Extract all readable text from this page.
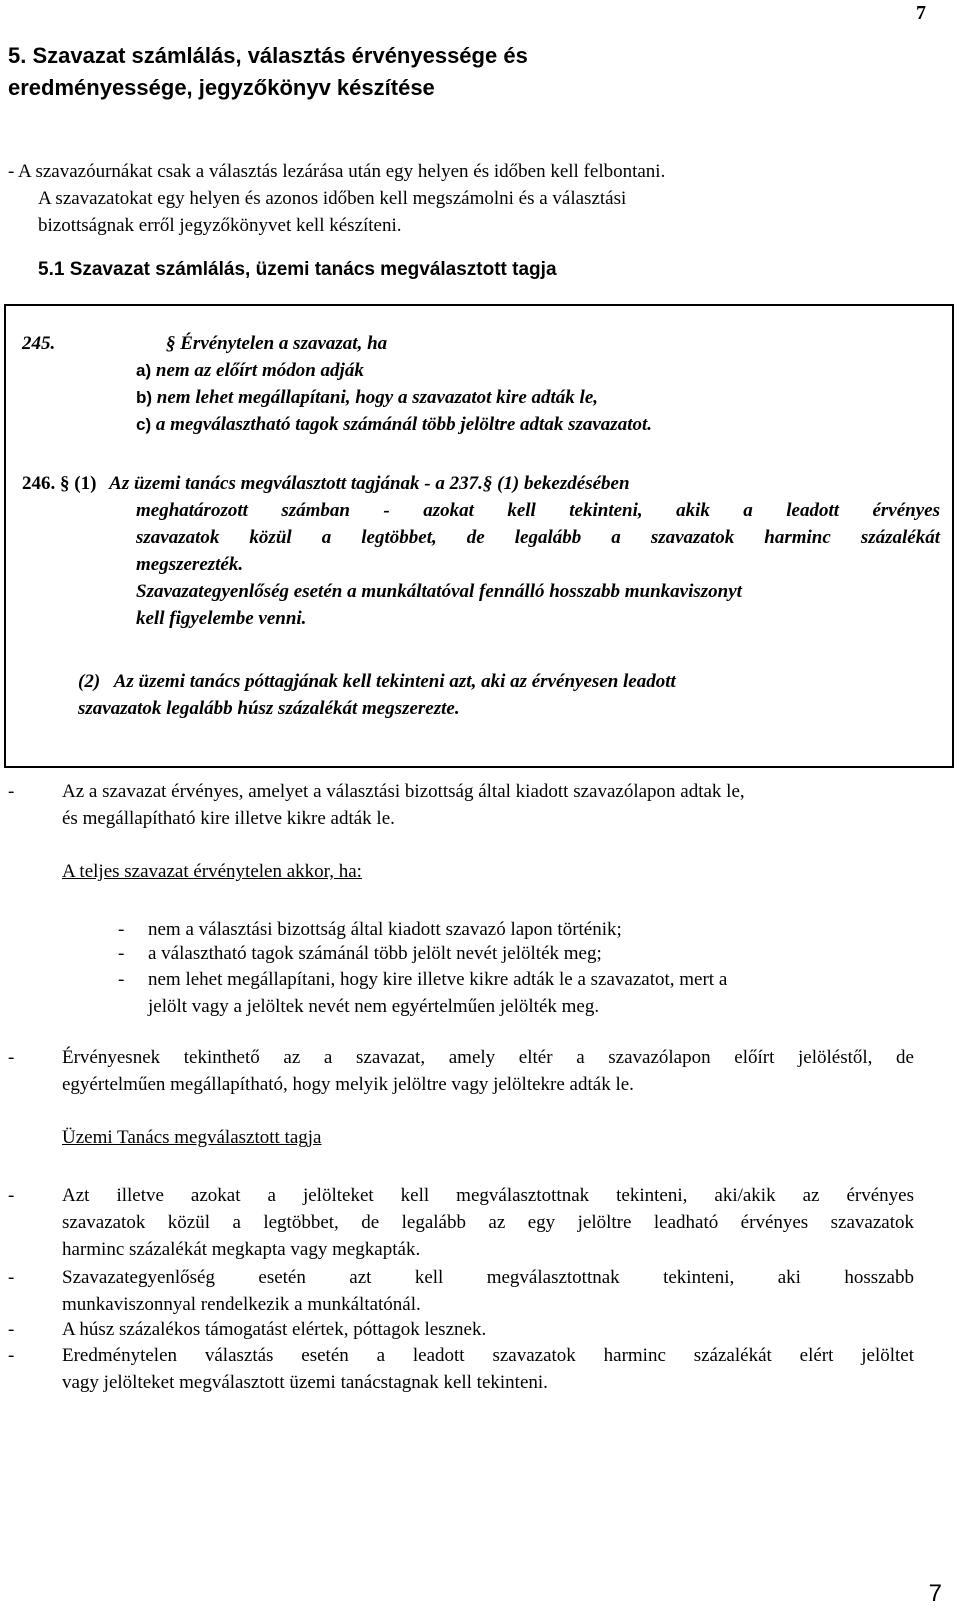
7
5. Szavazat számlálás, választás érvényessége és
eredményessége, jegyzőkönyv készítése
- A szavazóurnákat csak a választás lezárása után egy helyen és időben kell felbontani.
A szavazatokat egy helyen és azonos időben kell megszámolni és a választási
bizottságnak erről jegyzőkönyvet kell készíteni.
5.1 Szavazat számlálás, üzemi tanács megválasztott tagja
245.	§ Érvénytelen a szavazat, ha
a) nem az előírt módon adják
b) nem lehet megállapítani, hogy a szavazatot kire adták le,
c) a megválasztható tagok számánál több jelöltre adtak szavazatot.
246. § (1) Az üzemi tanács megválasztott tagjának - a 237.§ (1) bekezdésében
meghatározott számban - azokat kell tekinteni, akik a leadott érvényes
szavazatok közül a legtöbbet, de legalább a szavazatok harminc százalékát
megszerezték.
Szavazategyenlőség esetén a munkáltatóval fennálló hosszabb munkaviszonyt
kell figyelembe venni.
(2)   Az üzemi tanács póttagjának kell tekinteni azt, aki az érvényesen leadott
szavazatok legalább húsz százalékát megszerezte.
-	Az a szavazat érvényes, amelyet a választási bizottság által kiadott szavazólapon adtak le,
és megállapítható kire illetve kikre adták le.
A teljes szavazat érvénytelen akkor, ha:
- nem a választási bizottság által kiadott szavazó lapon történik;
- a választható tagok számánál több jelölt nevét jelölték meg;
- nem lehet megállapítani, hogy kire illetve kikre adták le a szavazatot, mert a
jelölt vagy a jelöltek nevét nem egyértelműen jelölték meg.
-	Érvényesnek tekinthető az a szavazat, amely eltér a szavazólapon előírt jelöléstől, de
egyértelműen megállapítható, hogy melyik jelöltre vagy jelöltekre adták le.
Üzemi Tanács megválasztott tagja
-	Azt illetve azokat a jelölteket kell megválasztottnak tekinteni, aki/akik az érvényes
szavazatok közül a legtöbbet, de legalább az egy jelöltre leadható érvényes szavazatok
harminc százalékát megkapta vagy megkapták.
-	Szavazategyenlőség esetén azt kell megválasztottnak tekinteni, aki hosszabb
munkaviszonnyal rendelkezik a munkáltatónál.
-	A húsz százalékos támogatást elértek, póttagok lesznek.
-	Eredménytelen választás esetén a leadott szavazatok harminc százalékát elért jelöltet
vagy jelölteket megválasztott üzemi tanácstagnak kell tekinteni.
7
